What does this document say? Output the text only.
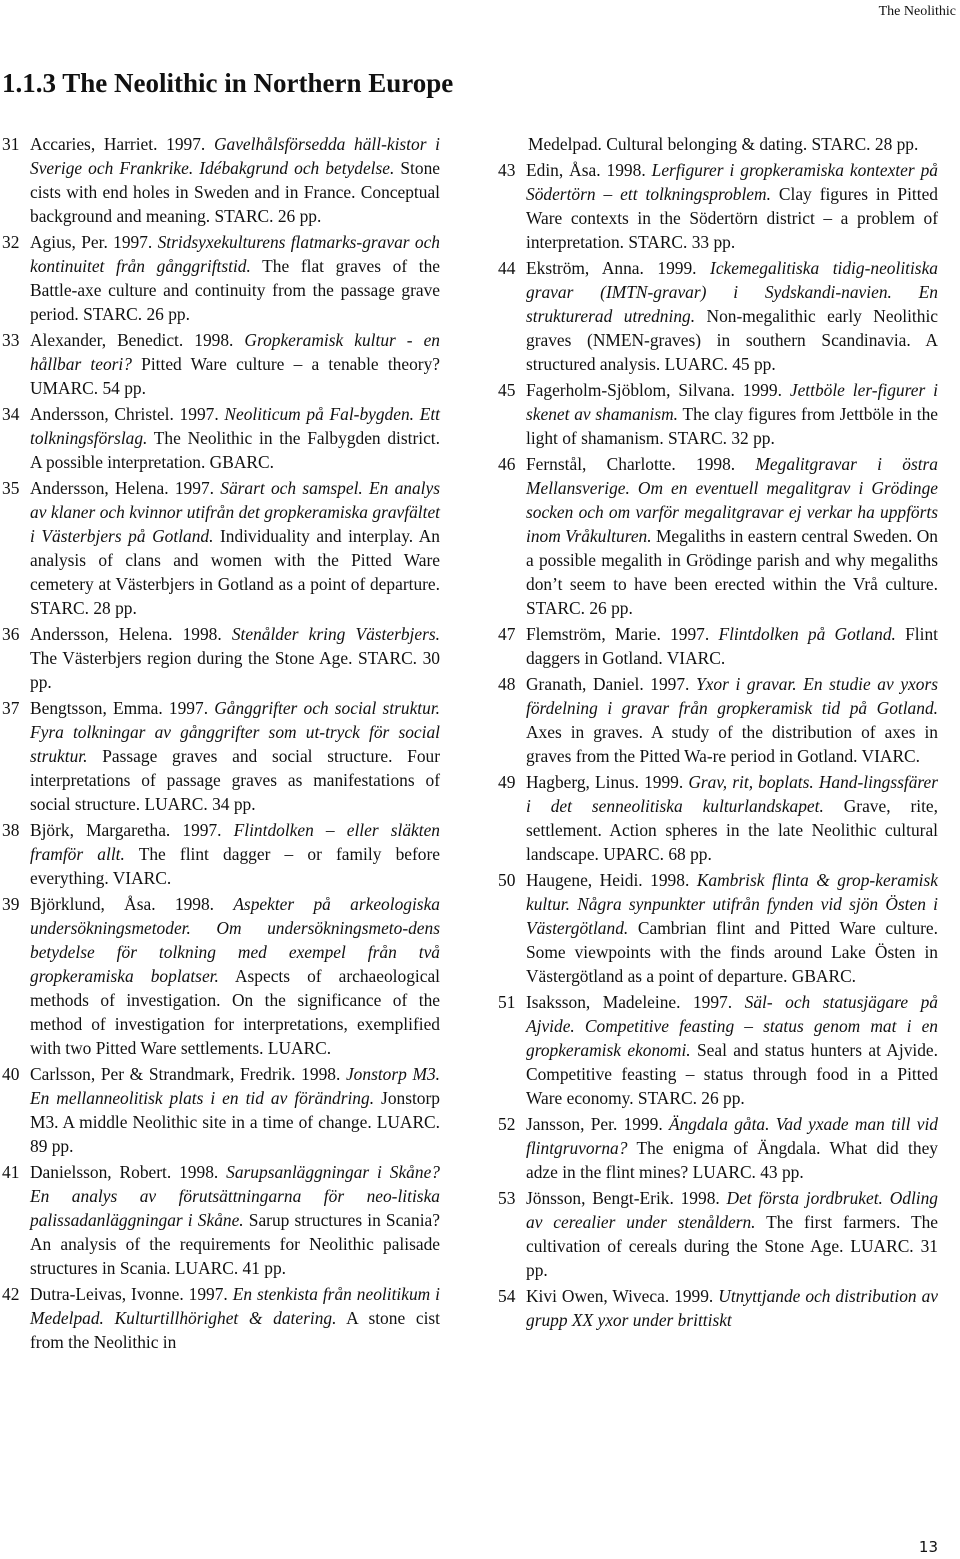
The Neolithic
1.1.3 The Neolithic in Northern Europe
31 Accaries, Harriet. 1997. Gavelhålsförsedda häll-kistor i Sverige och Frankrike. Idébakgrund och betydelse. Stone cists with end holes in Sweden and in France. Conceptual background and meaning. STARC. 26 pp.
32 Agius, Per. 1997. Stridsyxekulturens flatmarks-gravar och kontinuitet från gånggriftstid. The flat graves of the Battle-axe culture and continuity from the passage grave period. STARC. 26 pp.
33 Alexander, Benedict. 1998. Gropkeramisk kultur - en hållbar teori? Pitted Ware culture – a tenable theory? UMARC. 54 pp.
34 Andersson, Christel. 1997. Neoliticum på Fal-bygden. Ett tolkningsförslag. The Neolithic in the Falbygden district. A possible interpretation. GBARC.
35 Andersson, Helena. 1997. Särart och samspel. En analys av klaner och kvinnor utifrån det gropkeramiska gravfältet i Västerbjers på Gotland. Individuality and interplay. An analysis of clans and women with the Pitted Ware cemetery at Västerbjers in Gotland as a point of departure. STARC. 28 pp.
36 Andersson, Helena. 1998. Stenålder kring Västerbjers. The Västerbjers region during the Stone Age. STARC. 30 pp.
37 Bengtsson, Emma. 1997. Gånggrifter och social struktur. Fyra tolkningar av gånggrifter som ut-tryck för social struktur. Passage graves and social structure. Four interpretations of passage graves as manifestations of social structure. LUARC. 34 pp.
38 Björk, Margaretha. 1997. Flintdolken – eller släkten framför allt. The flint dagger – or family before everything. VIARC.
39 Björklund, Åsa. 1998. Aspekter på arkeologiska undersökningsmetoder. Om undersökningsmeto-dens betydelse för tolkning med exempel från två gropkeramiska boplatser. Aspects of archaeological methods of investigation. On the significance of the method of investigation for interpretations, exemplified with two Pitted Ware settlements. LUARC.
40 Carlsson, Per & Strandmark, Fredrik. 1998. Jonstorp M3. En mellanneolitisk plats i en tid av förändring. Jonstorp M3. A middle Neolithic site in a time of change. LUARC. 89 pp.
41 Danielsson, Robert. 1998. Sarupsanläggningar i Skåne? En analys av förutsättningarna för neo-litiska palissadanläggningar i Skåne. Sarup structures in Scania? An analysis of the requirements for Neolithic palisade structures in Scania. LUARC. 41 pp.
42 Dutra-Leivas, Ivonne. 1997. En stenkista från neolitikum i Medelpad. Kulturtillhörighet & datering. A stone cist from the Neolithic in
Medelpad. Cultural belonging & dating. STARC. 28 pp.
43 Edin, Åsa. 1998. Lerfigurer i gropkeramiska kontexter på Södertörn – ett tolkningsproblem. Clay figures in Pitted Ware contexts in the Södertörn district – a problem of interpretation. STARC. 33 pp.
44 Ekström, Anna. 1999. Ickemegalitiska tidig-neolitiska gravar (IMTN-gravar) i Sydskandi-navien. En strukturerad utredning. Non-megalithic early Neolithic graves (NMEN-graves) in southern Scandinavia. A structured analysis. LUARC. 45 pp.
45 Fagerholm-Sjöblom, Silvana. 1999. Jettböle ler-figurer i skenet av shamanism. The clay figures from Jettböle in the light of shamanism. STARC. 32 pp.
46 Fernstål, Charlotte. 1998. Megalitgravar i östra Mellansverige. Om en eventuell megalitgrav i Grödinge socken och om varför megalitgravar ej verkar ha uppförts inom Vråkulturen. Megaliths in eastern central Sweden. On a possible megalith in Grödinge parish and why megaliths don’t seem to have been erected within the Vrå culture. STARC. 26 pp.
47 Flemström, Marie. 1997. Flintdolken på Gotland. Flint daggers in Gotland. VIARC.
48 Granath, Daniel. 1997. Yxor i gravar. En studie av yxors fördelning i gravar från gropkeramisk tid på Gotland. Axes in graves. A study of the distribution of axes in graves from the Pitted Wa-re period in Gotland. VIARC.
49 Hagberg, Linus. 1999. Grav, rit, boplats. Hand-lingssfärer i det senneolitiska kulturlandskapet. Grave, rite, settlement. Action spheres in the late Neolithic cultural landscape. UPARC. 68 pp.
50 Haugene, Heidi. 1998. Kambrisk flinta & grop-keramisk kultur. Några synpunkter utifrån fynden vid sjön Östen i Västergötland. Cambrian flint and Pitted Ware culture. Some viewpoints with the finds around Lake Östen in Västergötland as a point of departure. GBARC.
51 Isaksson, Madeleine. 1997. Säl- och statusjägare på Ajvide. Competitive feasting – status genom mat i en gropkeramisk ekonomi. Seal and status hunters at Ajvide. Competitive feasting – status through food in a Pitted Ware economy. STARC. 26 pp.
52 Jansson, Per. 1999. Ängdala gåta. Vad yxade man till vid flintgruvorna? The enigma of Ängdala. What did they adze in the flint mines? LUARC. 43 pp.
53 Jönsson, Bengt-Erik. 1998. Det första jordbruket. Odling av cerealier under stenåldern. The first farmers. The cultivation of cereals during the Stone Age. LUARC. 31 pp.
54 Kivi Owen, Wiveca. 1999. Utnyttjande och distribution av grupp XX yxor under brittiskt
13
